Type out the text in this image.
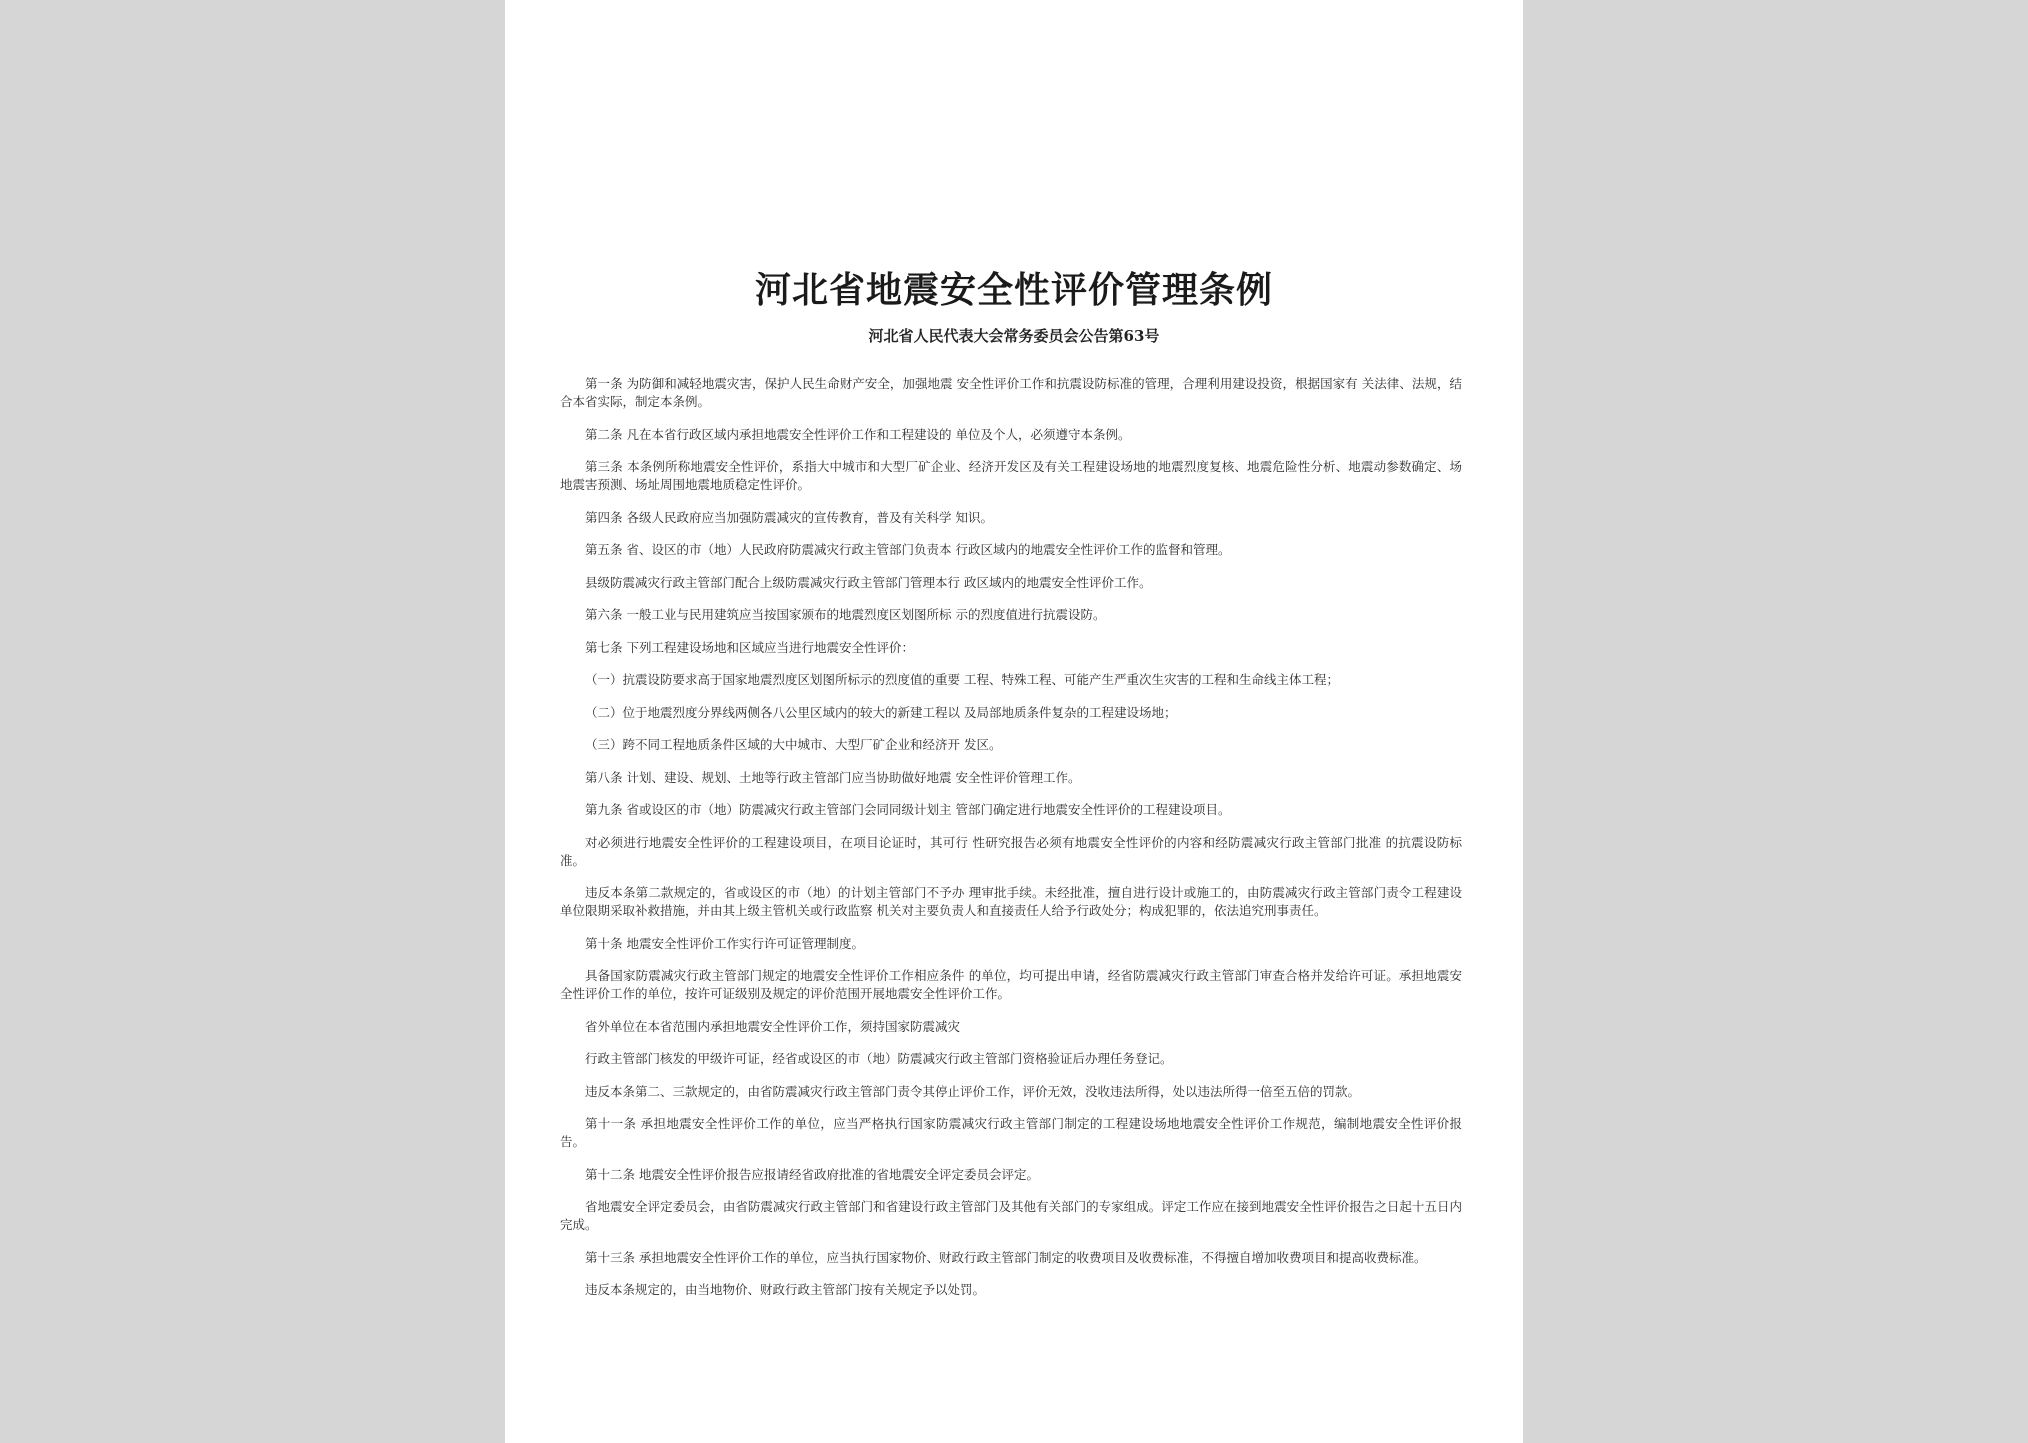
河北省地震安全性评价管理条例
河北省人民代表大会常务委员会公告第63号

第一条 为防御和减轻地震灾害，保护人民生命财产安全，加强地震 安全性评价工作和抗震设防标准的管理，合理利用建设投资，根据国家有 关法律、法规，结合本省实际，制定本条例。

第二条 凡在本省行政区域内承担地震安全性评价工作和工程建设的 单位及个人，必须遵守本条例。

第三条 本条例所称地震安全性评价，系指大中城市和大型厂矿企业、经济开发区及有关工程建设场地的地震烈度复核、地震危险性分析、地震动参数确定、场地震害预测、场址周围地震地质稳定性评价。

第四条 各级人民政府应当加强防震减灾的宣传教育，普及有关科学 知识。

第五条 省、设区的市（地）人民政府防震减灾行政主管部门负责本 行政区域内的地震安全性评价工作的监督和管理。

县级防震减灾行政主管部门配合上级防震减灾行政主管部门管理本行 政区域内的地震安全性评价工作。

第六条 一般工业与民用建筑应当按国家颁布的地震烈度区划图所标 示的烈度值进行抗震设防。

第七条 下列工程建设场地和区域应当进行地震安全性评价：

（一）抗震设防要求高于国家地震烈度区划图所标示的烈度值的重要 工程、特殊工程、可能产生严重次生灾害的工程和生命线主体工程；

（二）位于地震烈度分界线两侧各八公里区域内的较大的新建工程以 及局部地质条件复杂的工程建设场地；

（三）跨不同工程地质条件区域的大中城市、大型厂矿企业和经济开 发区。

第八条 计划、建设、规划、土地等行政主管部门应当协助做好地震 安全性评价管理工作。

第九条 省或设区的市（地）防震减灾行政主管部门会同同级计划主 管部门确定进行地震安全性评价的工程建设项目。

对必须进行地震安全性评价的工程建设项目，在项目论证时，其可行 性研究报告必须有地震安全性评价的内容和经防震减灾行政主管部门批准 的抗震设防标准。

违反本条第二款规定的，省或设区的市（地）的计划主管部门不予办 理审批手续。未经批准，擅自进行设计或施工的，由防震减灾行政主管部门责令工程建设单位限期采取补救措施，并由其上级主管机关或行政监察 机关对主要负责人和直接责任人给予行政处分；构成犯罪的，依法追究刑事责任。

第十条 地震安全性评价工作实行许可证管理制度。

具备国家防震减灾行政主管部门规定的地震安全性评价工作相应条件 的单位，均可提出申请，经省防震减灾行政主管部门审查合格并发给许可证。承担地震安全性评价工作的单位，按许可证级别及规定的评价范围开展地震安全性评价工作。

省外单位在本省范围内承担地震安全性评价工作，须持国家防震减灾

行政主管部门核发的甲级许可证，经省或设区的市（地）防震减灾行政主管部门资格验证后办理任务登记。

违反本条第二、三款规定的，由省防震减灾行政主管部门责令其停止评价工作，评价无效，没收违法所得，处以违法所得一倍至五倍的罚款。

第十一条 承担地震安全性评价工作的单位，应当严格执行国家防震减灾行政主管部门制定的工程建设场地地震安全性评价工作规范，编制地震安全性评价报告。

第十二条 地震安全性评价报告应报请经省政府批准的省地震安全评定委员会评定。

省地震安全评定委员会，由省防震减灾行政主管部门和省建设行政主管部门及其他有关部门的专家组成。评定工作应在接到地震安全性评价报告之日起十五日内完成。

第十三条 承担地震安全性评价工作的单位，应当执行国家物价、财政行政主管部门制定的收费项目及收费标准，不得擅自增加收费项目和提高收费标准。

违反本条规定的，由当地物价、财政行政主管部门按有关规定予以处罚。
